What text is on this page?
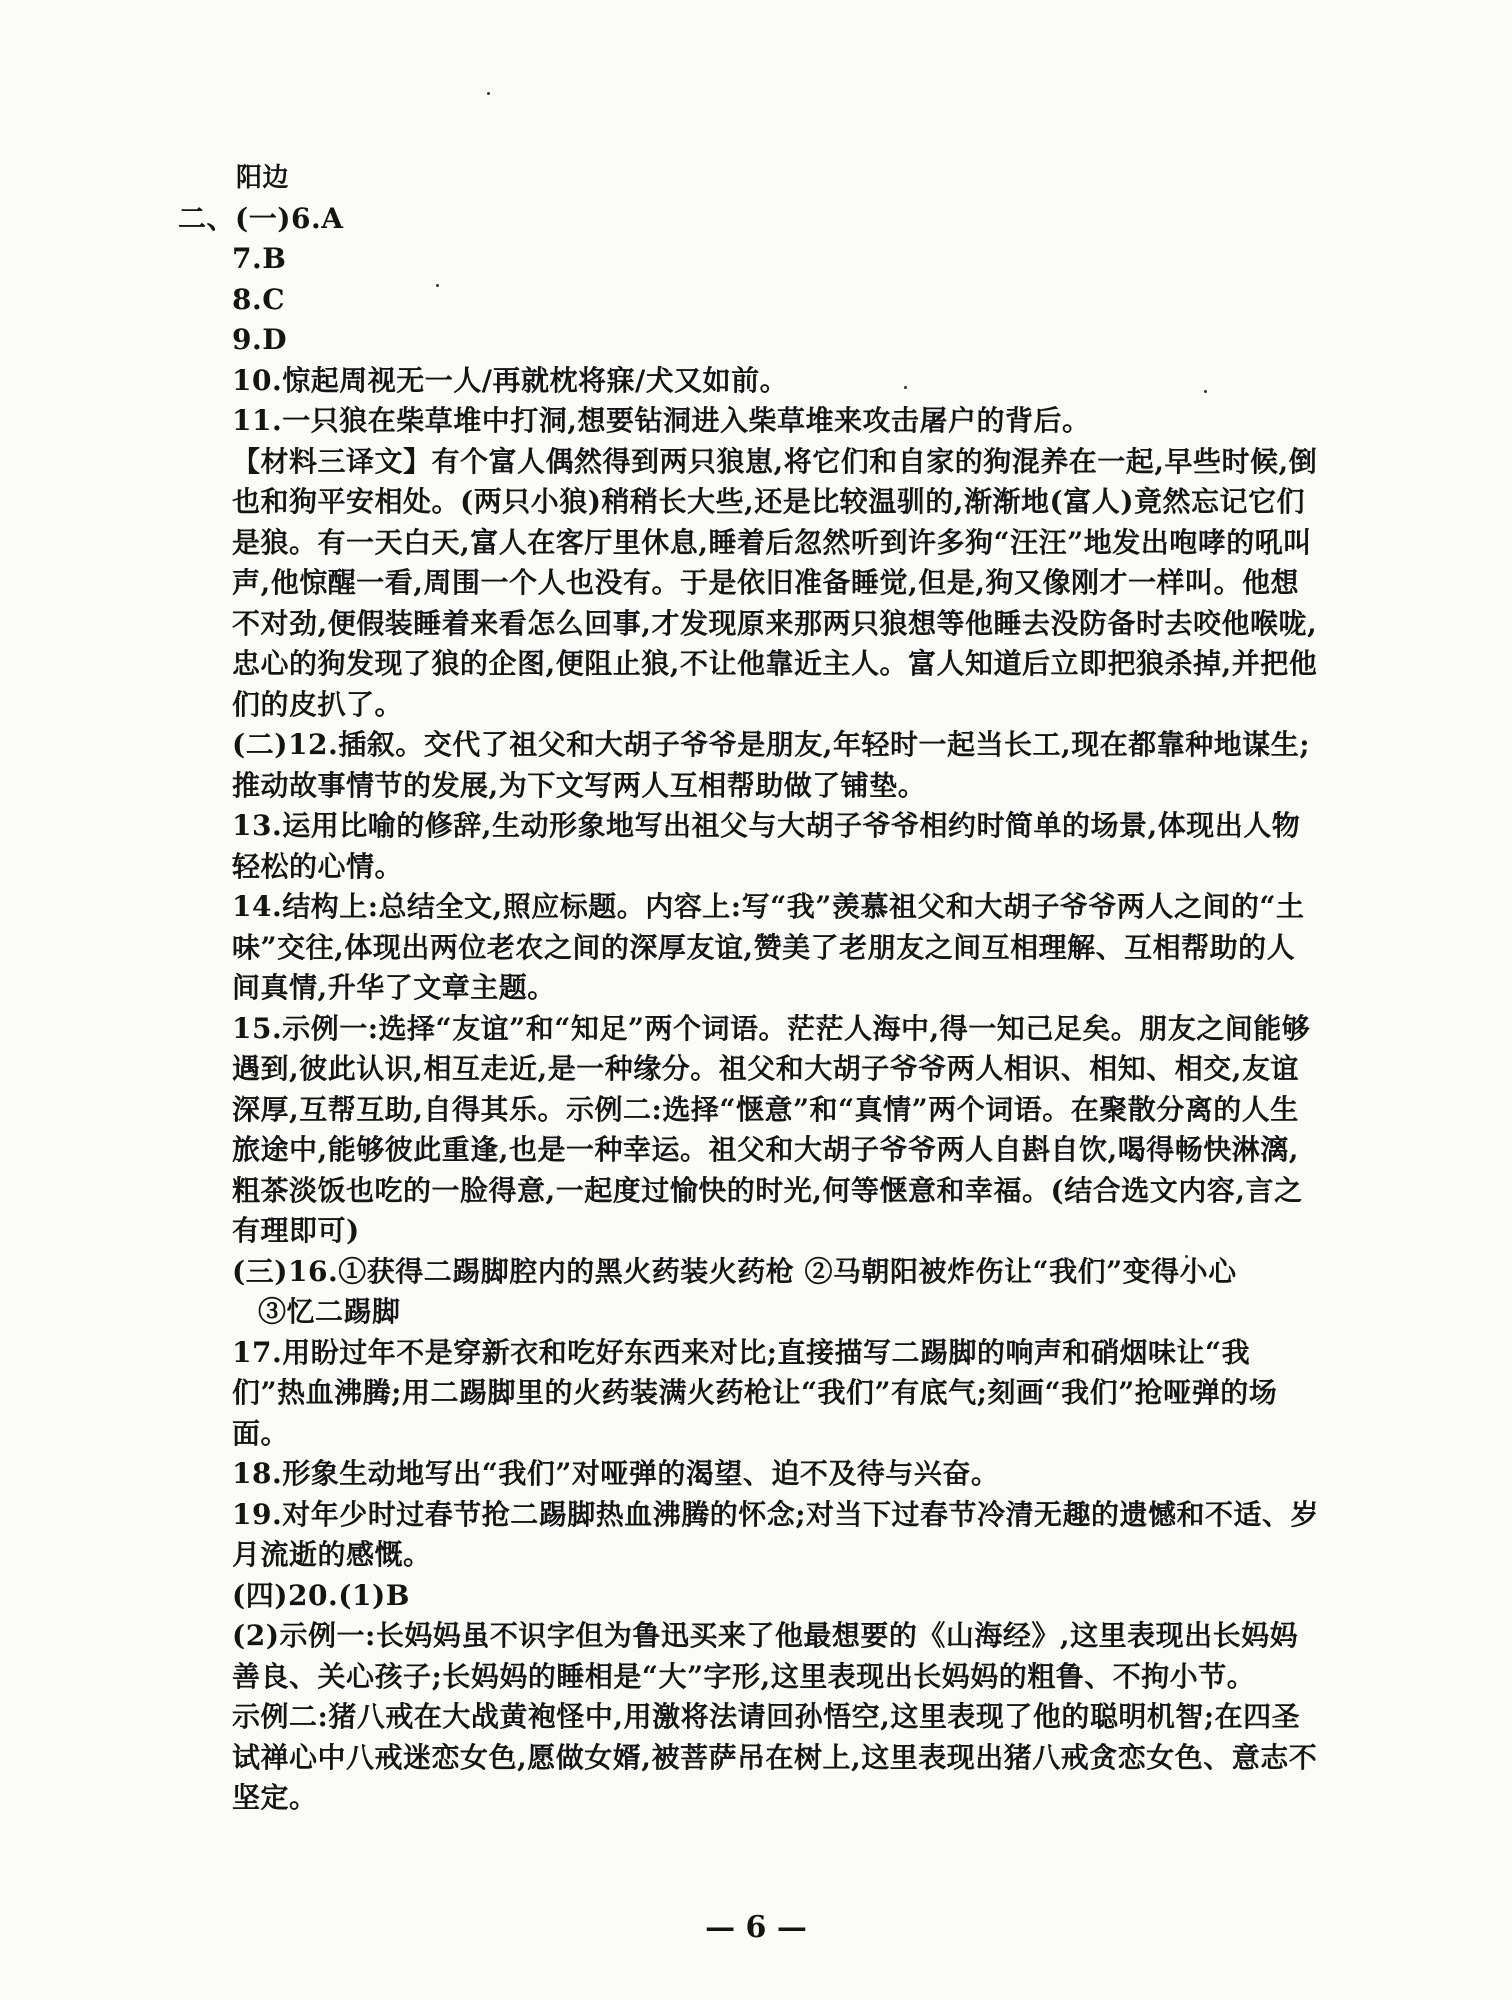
阳边

二、(一)6.A

7.B

8.C

9.D

10.惊起周视无一人/再就枕将寐/犬又如前。

11.一只狼在柴草堆中打洞,想要钻洞进入柴草堆来攻击屠户的背后。

【材料三译文】有个富人偶然得到两只狼崽,将它们和自家的狗混养在一起,早些时候,倒也和狗平安相处。(两只小狼)稍稍长大些,还是比较温驯的,渐渐地(富人)竟然忘记它们是狼。有一天白天,富人在客厅里休息,睡着后忽然听到许多狗“汪汪”地发出咆哮的吼叫声,他惊醒一看,周围一个人也没有。于是依旧准备睡觉,但是,狗又像刚才一样叫。他想不对劲,便假装睡着来看怎么回事,才发现原来那两只狼想等他睡去没防备时去咬他喉咙,忠心的狗发现了狼的企图,便阻止狼,不让他靠近主人。富人知道后立即把狼杀掉,并把他们的皮扒了。

(二)12.插叙。交代了祖父和大胡子爷爷是朋友,年轻时一起当长工,现在都靠种地谋生;推动故事情节的发展,为下文写两人互相帮助做了铺垫。

13.运用比喻的修辞,生动形象地写出祖父与大胡子爷爷相约时简单的场景,体现出人物轻松的心情。

14.结构上:总结全文,照应标题。内容上:写“我”羡慕祖父和大胡子爷爷两人之间的“土味”交往,体现出两位老农之间的深厚友谊,赞美了老朋友之间互相理解、互相帮助的人间真情,升华了文章主题。

15.示例一:选择“友谊”和“知足”两个词语。茫茫人海中,得一知己足矣。朋友之间能够遇到,彼此认识,相互走近,是一种缘分。祖父和大胡子爷爷两人相识、相知、相交,友谊深厚,互帮互助,自得其乐。示例二:选择“惬意”和“真情”两个词语。在聚散分离的人生旅途中,能够彼此重逢,也是一种幸运。祖父和大胡子爷爷两人自斟自饮,喝得畅快淋漓,粗茶淡饭也吃的一脸得意,一起度过愉快的时光,何等惬意和幸福。(结合选文内容,言之有理即可)

(三)16.①获得二踢脚腔内的黑火药装火药枪 ②马朝阳被炸伤让“我们”变得小心

③忆二踢脚

17.用盼过年不是穿新衣和吃好东西来对比;直接描写二踢脚的响声和硝烟味让“我们”热血沸腾;用二踢脚里的火药装满火药枪让“我们”有底气;刻画“我们”抢哑弹的场面。

18.形象生动地写出“我们”对哑弹的渴望、迫不及待与兴奋。

19.对年少时过春节抢二踢脚热血沸腾的怀念;对当下过春节冷清无趣的遗憾和不适、岁月流逝的感慨。

(四)20.(1)B

(2)示例一:长妈妈虽不识字但为鲁迅买来了他最想要的《山海经》,这里表现出长妈妈善良、关心孩子;长妈妈的睡相是“大”字形,这里表现出长妈妈的粗鲁、不拘小节。

示例二:猪八戒在大战黄袍怪中,用激将法请回孙悟空,这里表现了他的聪明机智;在四圣试禅心中八戒迷恋女色,愿做女婿,被菩萨吊在树上,这里表现出猪八戒贪恋女色、意志不坚定。

— 6 —
